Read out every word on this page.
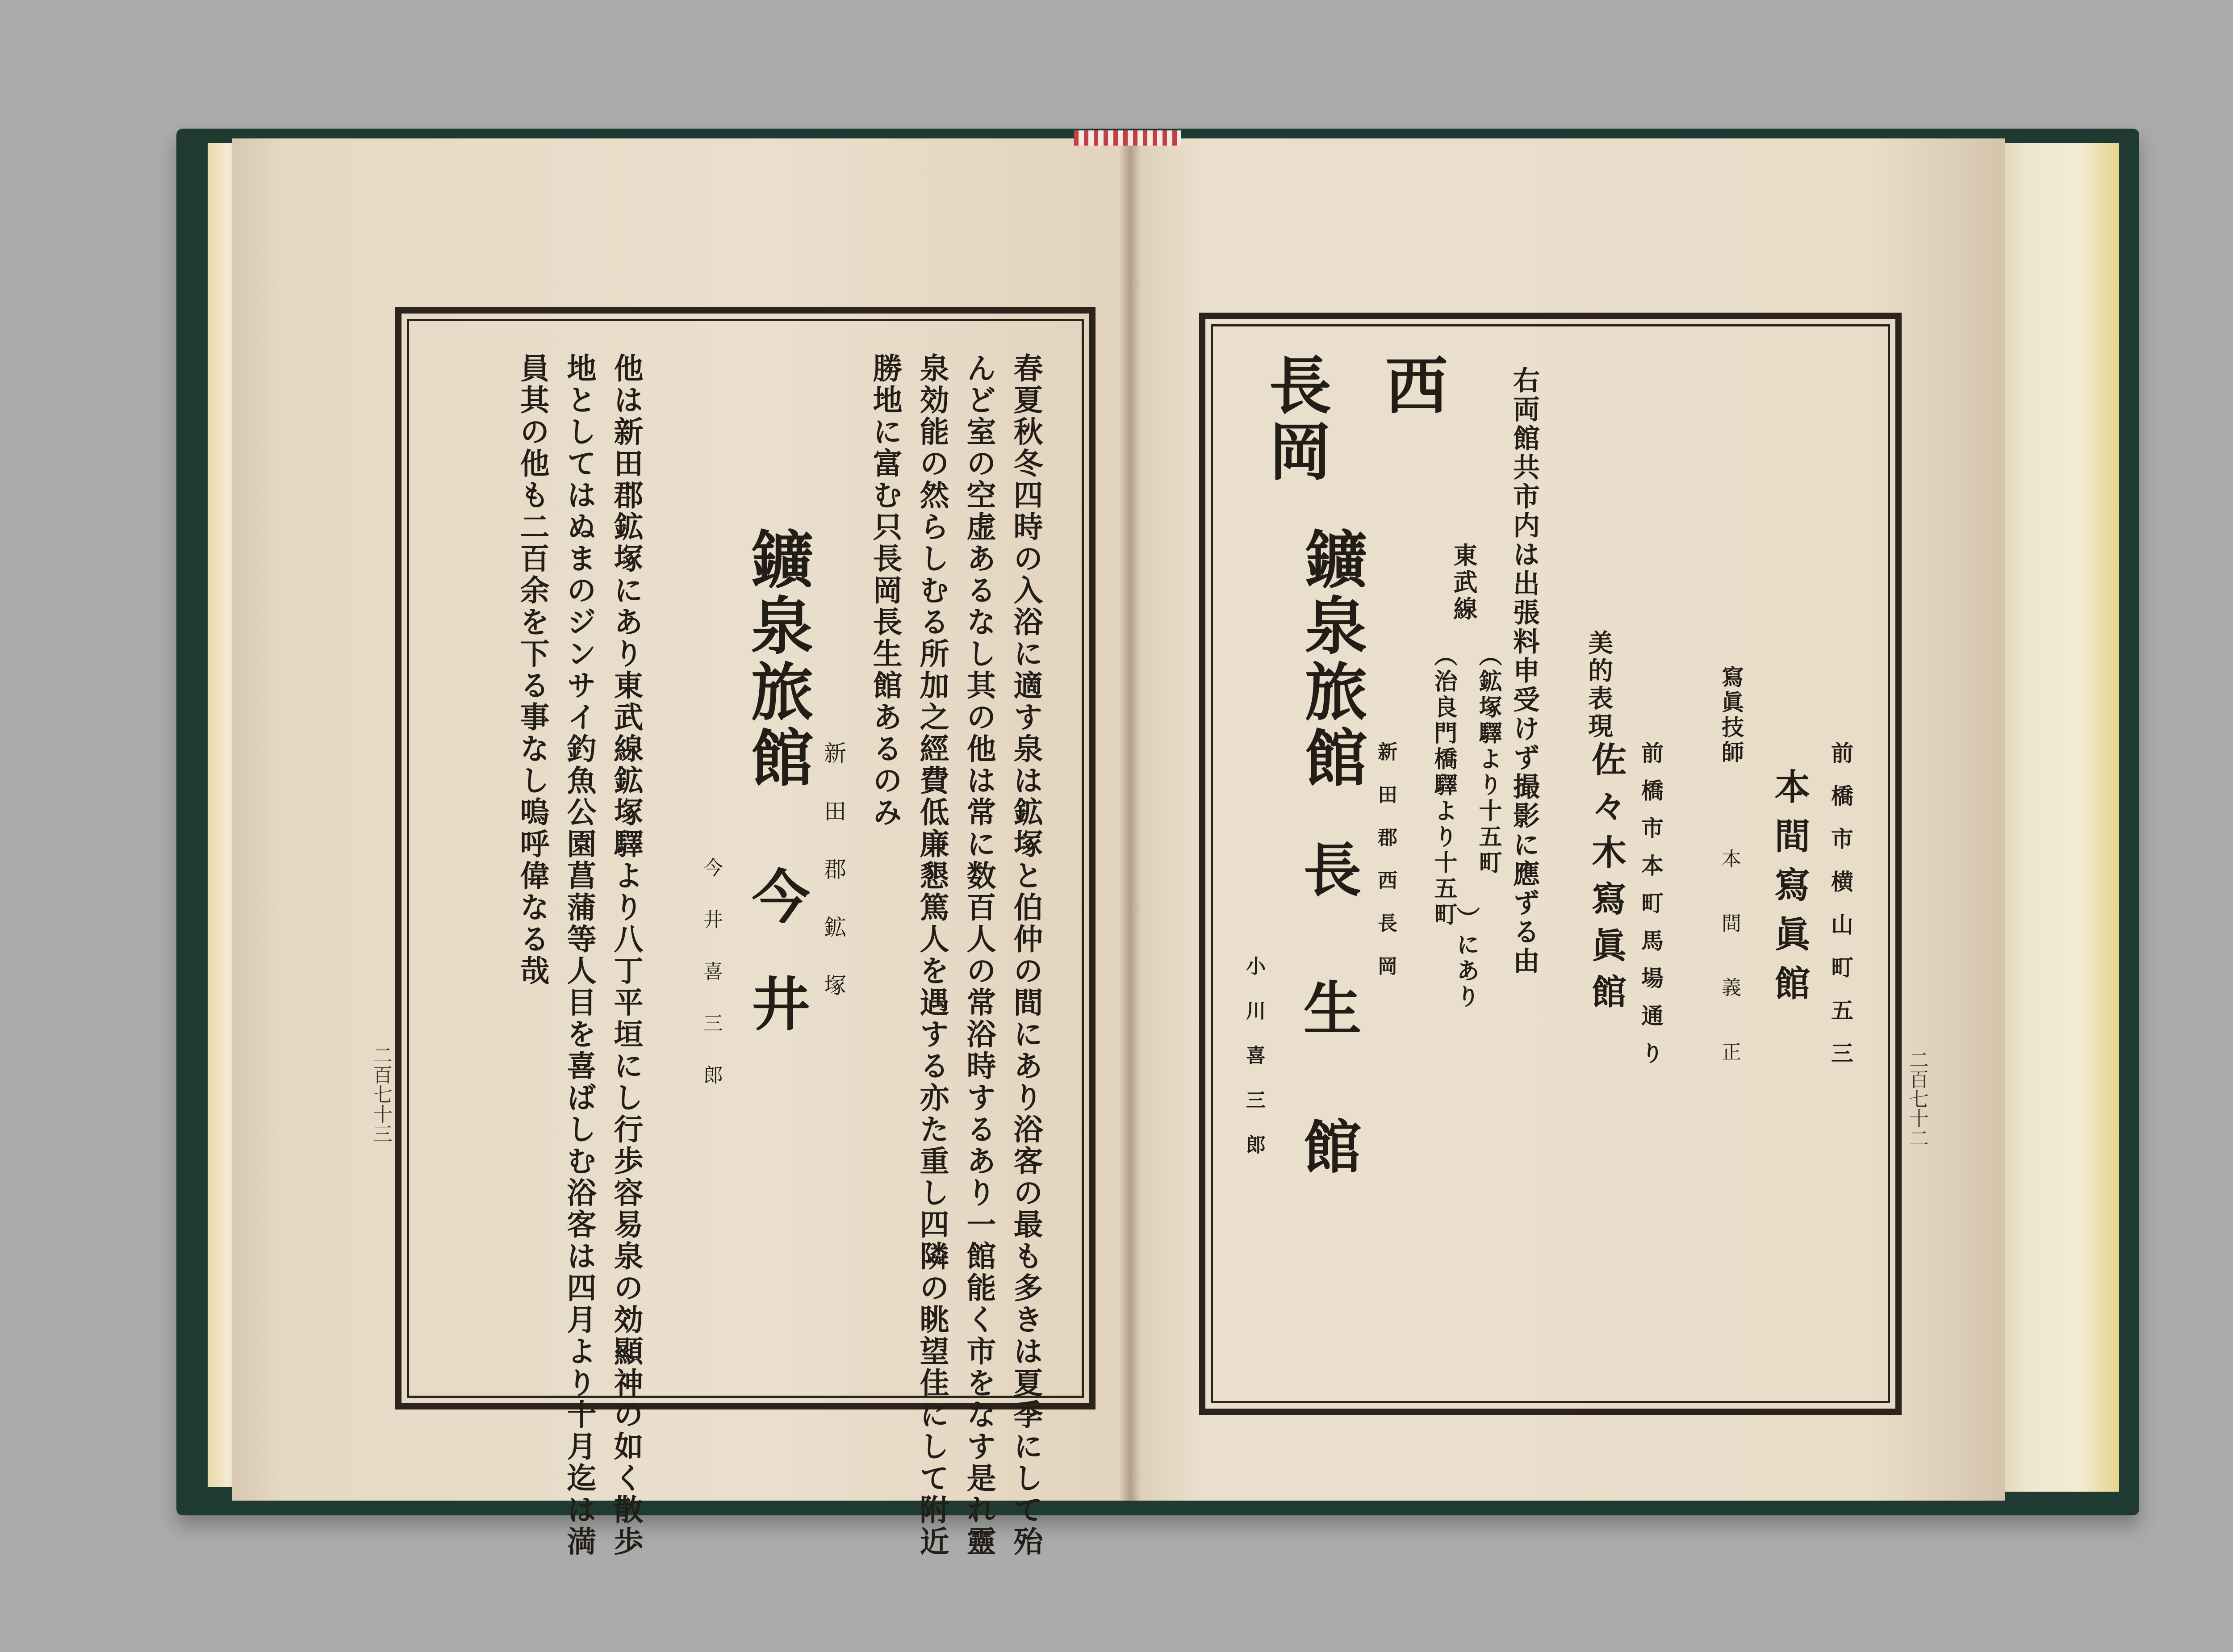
春夏秋冬四時の入浴に適す泉は鉱塚と伯仲の間にあり浴客の最も多きは夏季にして殆
んど室の空虚あるなし其の他は常に数百人の常浴時するあり一館能く市をなす是れ靈
泉効能の然らしむる所加之經費低廉懇篤人を遇する亦た重し四隣の眺望佳にして附近
勝地に富む只長岡長生館あるのみ
新田郡鉱塚
今井喜三郎
鑛泉旅館
今井
他は新田郡鉱塚にあり東武線鉱塚驛より八丁平垣にし行歩容易泉の効顯神の如く散歩
地としてはぬまのジンサイ釣魚公園菖蒲等人目を喜ばしむ浴客は四月より十月迄は満
員其の他も二百余を下る事なし嗚呼偉なる哉
二百七十三
前橋市横山町五三
本間寫眞館
寫眞技師
本間義正
美的表現
前橋市本町馬場通り
佐々木寫眞館
右両館共市内は出張料申受けず撮影に應ずる由
東武線
（鉱塚驛より十五町
（治良門橋驛より十五町
）にあり
新田郡西長岡
西
長岡
鑛泉旅館
長生館
小川喜三郎	二百七十二
